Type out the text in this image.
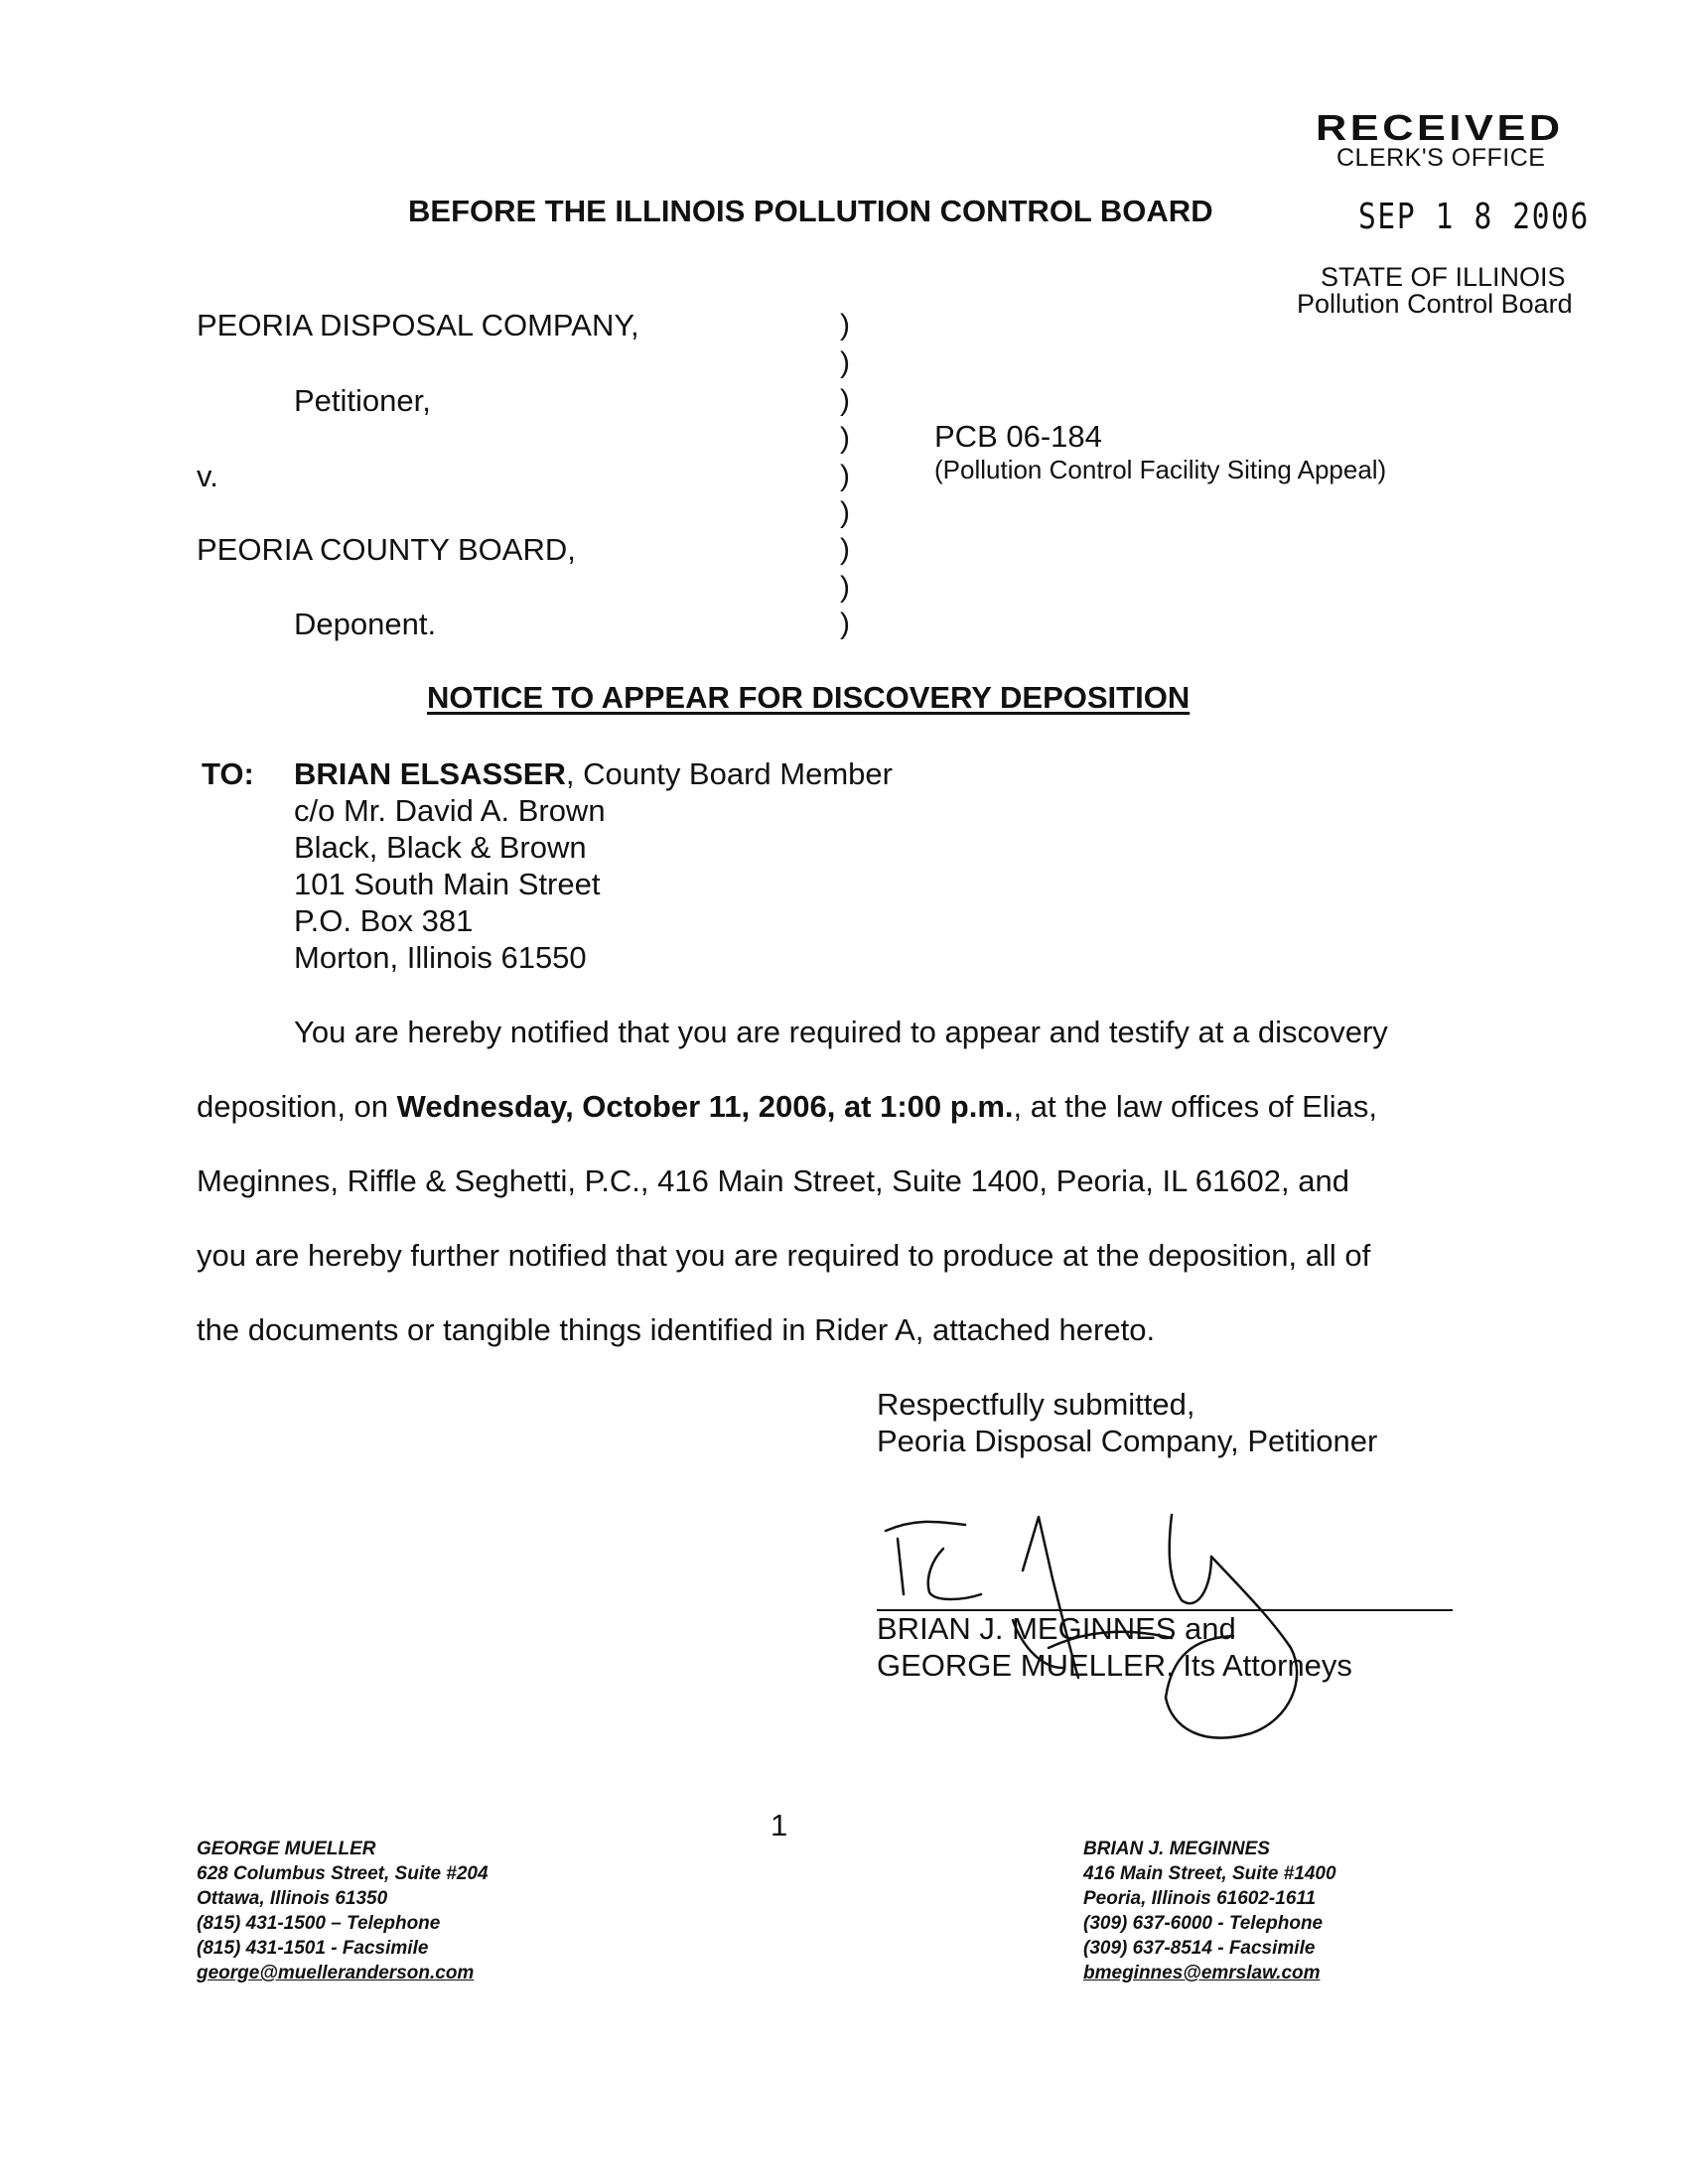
RECEIVED
CLERK'S OFFICE
SEP 1 8 2006
STATE OF ILLINOIS
Pollution Control Board
BEFORE THE ILLINOIS POLLUTION CONTROL BOARD
PEORIA DISPOSAL COMPANY,
Petitioner,
v.
PEORIA COUNTY BOARD,
Deponent.
)
)
)
)
)
)
)
)
)
PCB 06-184
(Pollution Control Facility Siting Appeal)
NOTICE TO APPEAR FOR DISCOVERY DEPOSITION
TO: BRIAN ELSASSER, County Board Member
c/o Mr. David A. Brown
Black, Black & Brown
101 South Main Street
P.O. Box 381
Morton, Illinois 61550
You are hereby notified that you are required to appear and testify at a discovery
deposition, on Wednesday, October 11, 2006, at 1:00 p.m., at the law offices of Elias,
Meginnes, Riffle & Seghetti, P.C., 416 Main Street, Suite 1400, Peoria, IL 61602, and
you are hereby further notified that you are required to produce at the deposition, all of
the documents or tangible things identified in Rider A, attached hereto.
Respectfully submitted,
Peoria Disposal Company, Petitioner
BRIAN J. MEGINNES and
GEORGE MUELLER, Its Attorneys
1
GEORGE MUELLER
628 Columbus Street, Suite #204
Ottawa, Illinois 61350
(815) 431-1500 – Telephone
(815) 431-1501 - Facsimile
george@muelleranderson.com
BRIAN J. MEGINNES
416 Main Street, Suite #1400
Peoria, Illinois 61602-1611
(309) 637-6000 - Telephone
(309) 637-8514 - Facsimile
bmeginnes@emrslaw.com
